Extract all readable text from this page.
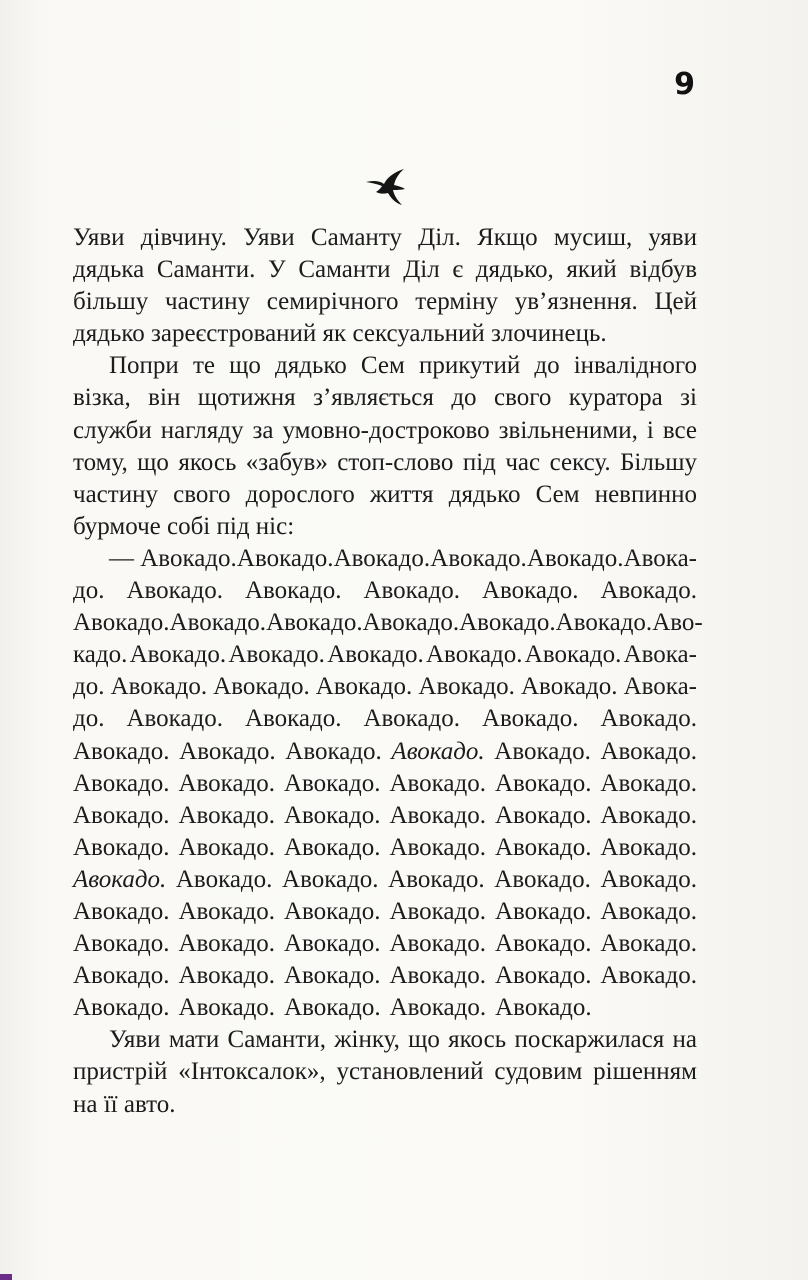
9

Уяви дівчину. Уяви Саманту Діл. Якщо мусиш, уяви дядька Саманти. У Саманти Діл є дядько, який відбув більшу частину семирічного терміну ув’язнення. Цей дядько зареєстрований як сексуальний злочинець.

Попри те що дядько Сем прикутий до інвалідного візка, він щотижня з’являється до свого куратора зі служби нагляду за умовно-достроково звільненими, і все тому, що якось «забув» стоп-слово під час сексу. Більшу частину свого дорослого життя дядько Сем невпинно бурмоче собі під ніс:

— Авокадо. Авокадо. Авокадо. Авокадо. Авокадо. Авока-
до. Авокадо. Авокадо. Авокадо. Авокадо. Авокадо.
Авокадо. Авокадо. Авокадо. Авокадо. Авокадо. Авокадо. Аво-
кадо. Авокадо. Авокадо. Авокадо. Авокадо. Авокадо. Авока-
до. Авокадо. Авокадо. Авокадо. Авокадо. Авокадо. Авока-
до. Авокадо. Авокадо. Авокадо. Авокадо. Авокадо.
Авокадо. Авокадо. Авокадо. Авокадо. Авокадо. Авокадо.
Авокадо. Авокадо. Авокадо. Авокадо. Авокадо. Авокадо.
Авокадо. Авокадо. Авокадо. Авокадо. Авокадо. Авокадо.
Авокадо. Авокадо. Авокадо. Авокадо. Авокадо. Авокадо.
Авокадо. Авокадо. Авокадо. Авокадо. Авокадо. Авокадо.
Авокадо. Авокадо. Авокадо. Авокадо. Авокадо. Авокадо.
Авокадо. Авокадо. Авокадо. Авокадо. Авокадо. Авокадо.
Авокадо. Авокадо. Авокадо. Авокадо. Авокадо. Авокадо.
Авокадо. Авокадо. Авокадо. Авокадо. Авокадо.

Уяви мати Саманти, жінку, що якось поскаржилася на пристрій «Інтоксалок», установлений судовим рішенням на її авто.
